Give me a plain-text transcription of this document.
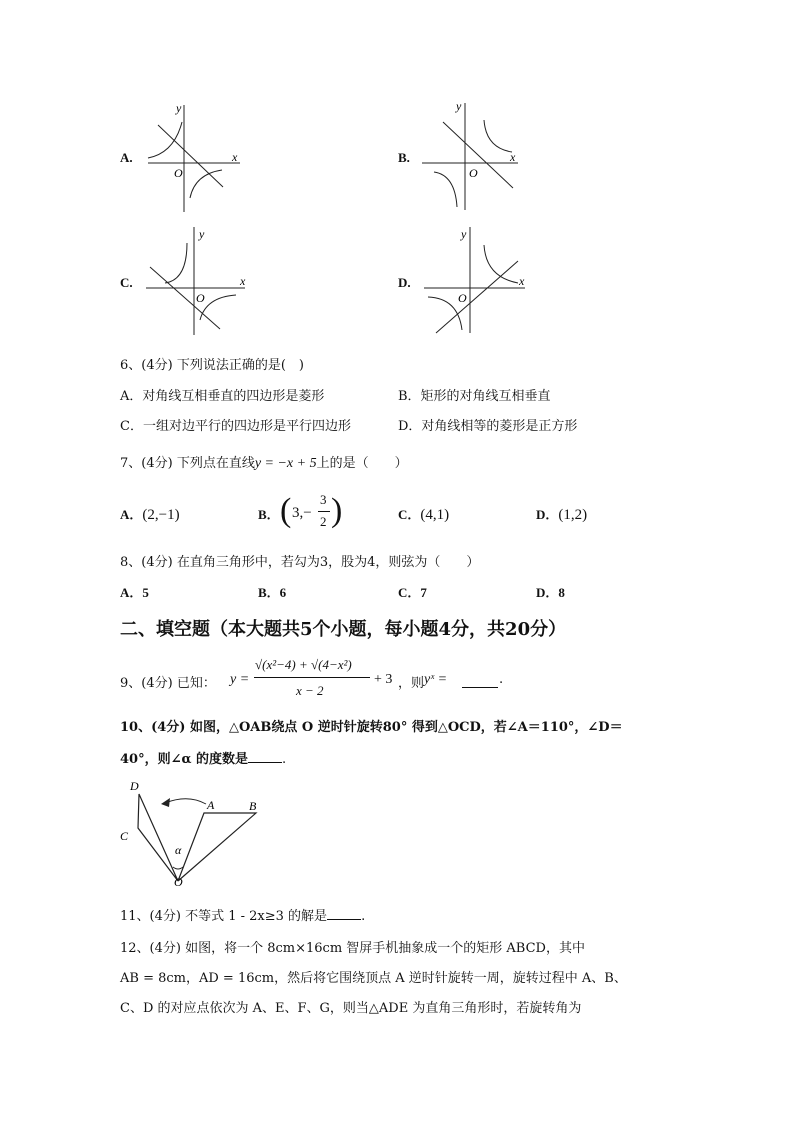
A.
y
x
O
B.
y
x
O
C.
y
x
O
D.
y
x
O
6、(4分) 下列说法正确的是(　)
A．对角线互相垂直的四边形是菱形	B．矩形的对角线互相垂直
C．一组对边平行的四边形是平行四边形	D．对角线相等的菱形是正方形
7、(4分) 下列点在直线y = −x + 5上的是（　　）
A．(2,−1)	B． ( 3,−
3
2 )	C．(4,1)	D．(1,2)
8、(4分) 在直角三角形中，若勾为3，股为4，则弦为（　　）
A．5	B．6	C．7	D．8
二、填空题（本大题共5个小题，每小题4分，共20分）
9、(4分) 已知： y =
√(x²−4) + √(4−x²)
x − 2
+ 3 ，则 yˣ =	.
10、(4分) 如图，△OAB绕点 O 逆时针旋转80° 得到△OCD，若∠A＝110°，∠D＝
40°，则∠α 的度数是	.
D
C
A	B
O
α
11、(4分) 不等式 1 - 2x≥3 的解是	.
12、(4分) 如图，将一个 8cm×16cm 智屏手机抽象成一个的矩形 ABCD，其中
AB = 8cm，AD = 16cm，然后将它围绕顶点 A 逆时针旋转一周，旋转过程中 A、B、
C、D 的对应点依次为 A、E、F、G，则当△ADE 为直角三角形时，若旋转角为
